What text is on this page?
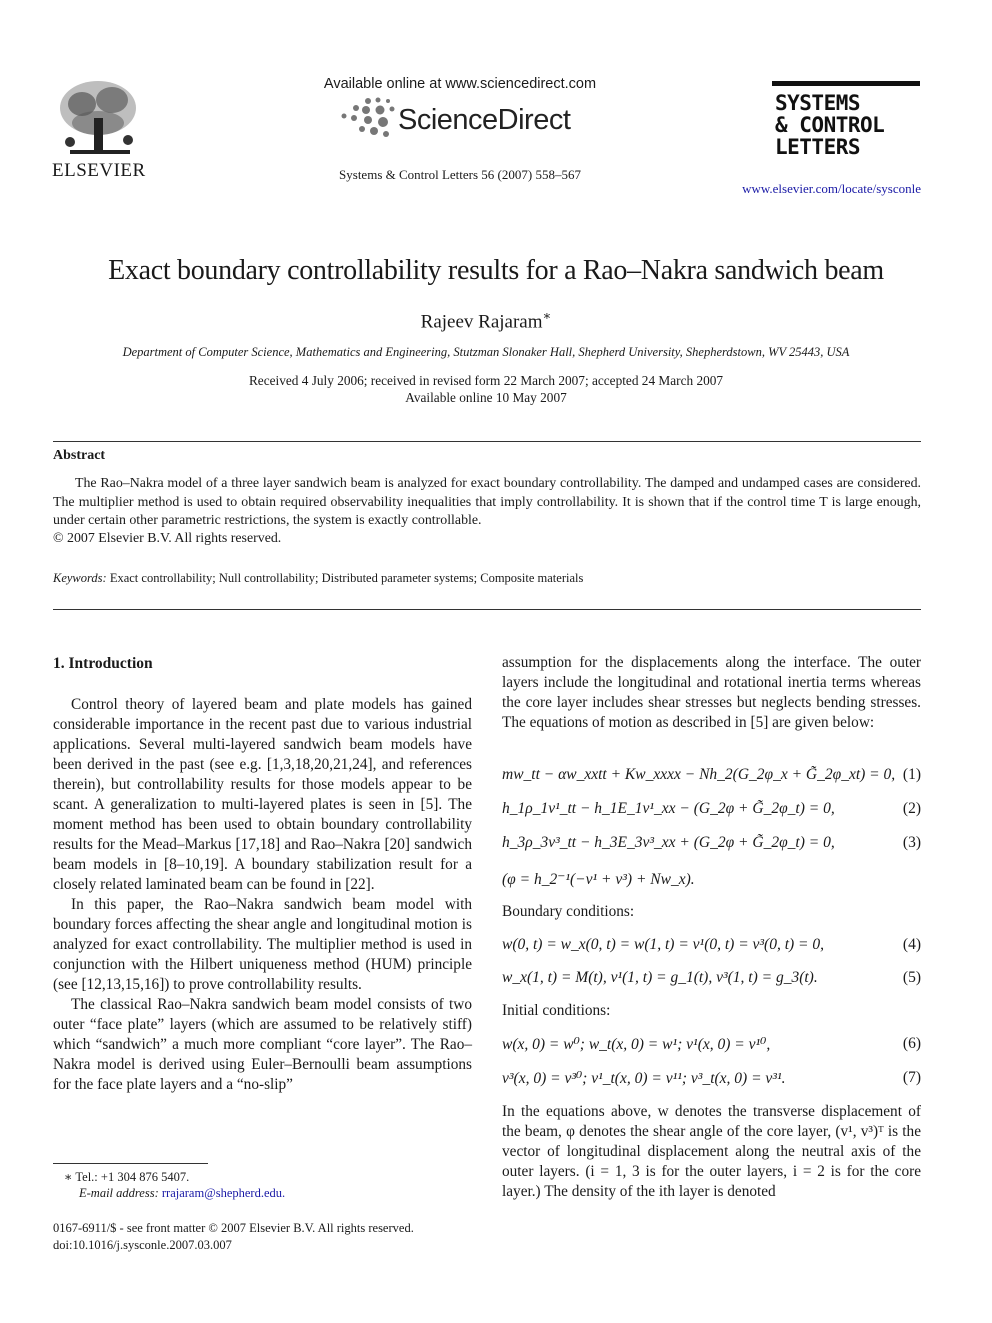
ELSEVIER
Available online at www.sciencedirect.com
ScienceDirect
Systems & Control Letters 56 (2007) 558–567
SYSTEMS
& CONTROL
LETTERS
www.elsevier.com/locate/sysconle
Exact boundary controllability results for a Rao–Nakra sandwich beam
Rajeev Rajaram∗
Department of Computer Science, Mathematics and Engineering, Stutzman Slonaker Hall, Shepherd University, Shepherdstown, WV 25443, USA
Received 4 July 2006; received in revised form 22 March 2007; accepted 24 March 2007
Available online 10 May 2007
Abstract
The Rao–Nakra model of a three layer sandwich beam is analyzed for exact boundary controllability. The damped and undamped cases are considered. The multiplier method is used to obtain required observability inequalities that imply controllability. It is shown that if the control time T is large enough, under certain other parametric restrictions, the system is exactly controllable.
© 2007 Elsevier B.V. All rights reserved.
Keywords: Exact controllability; Null controllability; Distributed parameter systems; Composite materials
1. Introduction

Control theory of layered beam and plate models has gained considerable importance in the recent past due to various industrial applications. Several multi-layered sandwich beam models have been derived in the past (see e.g. [1,3,18,20,21,24], and references therein), but controllability results for those models appear to be scant. A generalization to multi-layered plates is seen in [5]. The moment method has been used to obtain boundary controllability results for the Mead–Markus [17,18] and Rao–Nakra [20] sandwich beam models in [8–10,19]. A boundary stabilization result for a closely related laminated beam can be found in [22].

In this paper, the Rao–Nakra sandwich beam model with boundary forces affecting the shear angle and longitudinal motion is analyzed for exact controllability. The multiplier method is used in conjunction with the Hilbert uniqueness method (HUM) principle (see [12,13,15,16]) to prove controllability results.

The classical Rao–Nakra sandwich beam model consists of two outer “face plate” layers (which are assumed to be relatively stiff) which “sandwich” a much more compliant “core layer”. The Rao–Nakra model is derived using Euler–Bernoulli beam assumptions for the face plate layers and a “no-slip”

assumption for the displacements along the interface. The outer layers include the longitudinal and rotational inertia terms whereas the core layer includes shear stresses but neglects bending stresses. The equations of motion as described in [5] are given below:

mw_tt − αw_xxtt + Kw_xxxx − Nh_2(G_2φ_x + G̃_2φ_xt) = 0, (1)
h_1ρ_1v¹_tt − h_1E_1v¹_xx − (G_2φ + G̃_2φ_t) = 0,	(2)
h_3ρ_3v³_tt − h_3E_3v³_xx + (G_2φ + G̃_2φ_t) = 0,	(3)
(φ = h_2⁻¹(−v¹ + v³) + Nw_x).
Boundary conditions:
w(0, t) = w_x(0, t) = w(1, t) = v¹(0, t) = v³(0, t) = 0,	(4)
w_x(1, t) = M(t), v¹(1, t) = g_1(t), v³(1, t) = g_3(t).	(5)
Initial conditions:
w(x, 0) = w⁰; w_t(x, 0) = w¹; v¹(x, 0) = v¹⁰,	(6)
v³(x, 0) = v³⁰; v¹_t(x, 0) = v¹¹; v³_t(x, 0) = v³¹.	(7)

In the equations above, w denotes the transverse displacement of the beam, φ denotes the shear angle of the core layer, (v¹, v³)ᵀ is the vector of longitudinal displacement along the neutral axis of the outer layers. (i = 1, 3 is for the outer layers, i = 2 is for the core layer.) The density of the ith layer is denoted

∗ Tel.: +1 304 876 5407.
E-mail address: rrajaram@shepherd.edu.
0167-6911/$ - see front matter © 2007 Elsevier B.V. All rights reserved.
doi:10.1016/j.sysconle.2007.03.007
